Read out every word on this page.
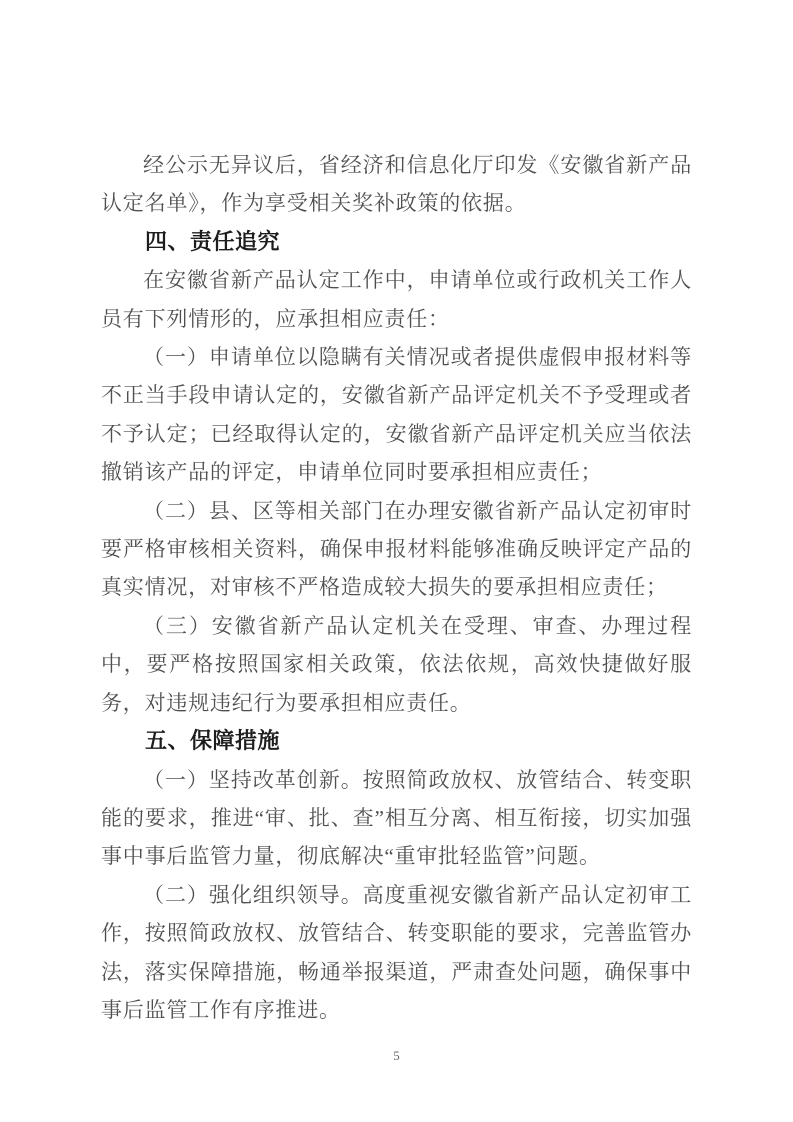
经公示无异议后，省经济和信息化厅印发《安徽省新产品认定名单》，作为享受相关奖补政策的依据。

四、责任追究

在安徽省新产品认定工作中，申请单位或行政机关工作人员有下列情形的，应承担相应责任：

（一）申请单位以隐瞒有关情况或者提供虚假申报材料等不正当手段申请认定的，安徽省新产品评定机关不予受理或者不予认定；已经取得认定的，安徽省新产品评定机关应当依法撤销该产品的评定，申请单位同时要承担相应责任；

（二）县、区等相关部门在办理安徽省新产品认定初审时要严格审核相关资料，确保申报材料能够准确反映评定产品的真实情况，对审核不严格造成较大损失的要承担相应责任；

（三）安徽省新产品认定机关在受理、审查、办理过程中，要严格按照国家相关政策，依法依规，高效快捷做好服务，对违规违纪行为要承担相应责任。

五、保障措施

（一）坚持改革创新。按照简政放权、放管结合、转变职能的要求，推进“审、批、查”相互分离、相互衔接，切实加强事中事后监管力量，彻底解决“重审批轻监管”问题。

（二）强化组织领导。高度重视安徽省新产品认定初审工作，按照简政放权、放管结合、转变职能的要求，完善监管办法，落实保障措施，畅通举报渠道，严肃查处问题，确保事中事后监管工作有序推进。

5
